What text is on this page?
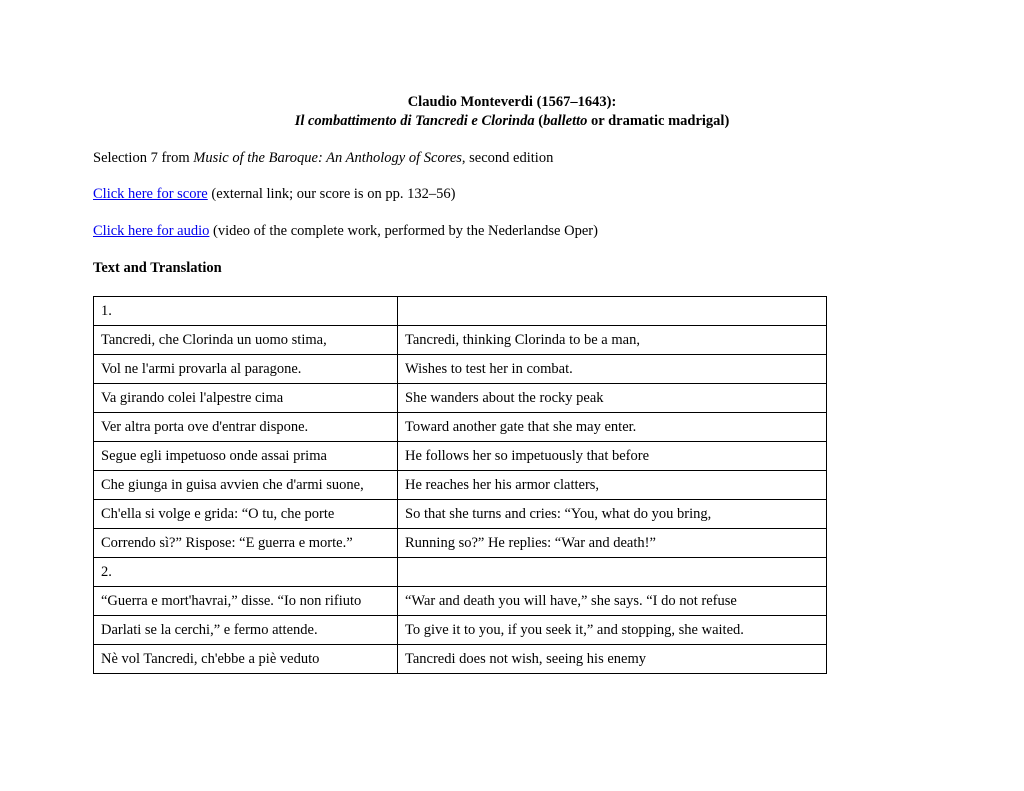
Claudio Monteverdi (1567–1643):
Il combattimento di Tancredi e Clorinda (balletto or dramatic madrigal)
Selection 7 from Music of the Baroque: An Anthology of Scores, second edition
Click here for score (external link; our score is on pp. 132–56)
Click here for audio (video of the complete work, performed by the Nederlandse Oper)
Text and Translation
1.	
Tancredi, che Clorinda un uomo stima,	Tancredi, thinking Clorinda to be a man,
Vol ne l'armi provarla al paragone.	Wishes to test her in combat.
Va girando colei l'alpestre cima	She wanders about the rocky peak
Ver altra porta ove d'entrar dispone.	Toward another gate that she may enter.
Segue egli impetuoso onde assai prima	He follows her so impetuously that before
Che giunga in guisa avvien che d'armi suone,	He reaches her his armor clatters,
Ch'ella si volge e grida: “O tu, che porte	So that she turns and cries: “You, what do you bring,
Correndo sì?” Rispose: “E guerra e morte.”	Running so?” He replies: “War and death!”
2.	
“Guerra e mort'havrai,” disse. “Io non rifiuto	“War and death you will have,” she says. “I do not refuse
Darlati se la cerchi,” e fermo attende.	To give it to you, if you seek it,” and stopping, she waited.
Nè vol Tancredi, ch'ebbe a piè veduto	Tancredi does not wish, seeing his enemy
